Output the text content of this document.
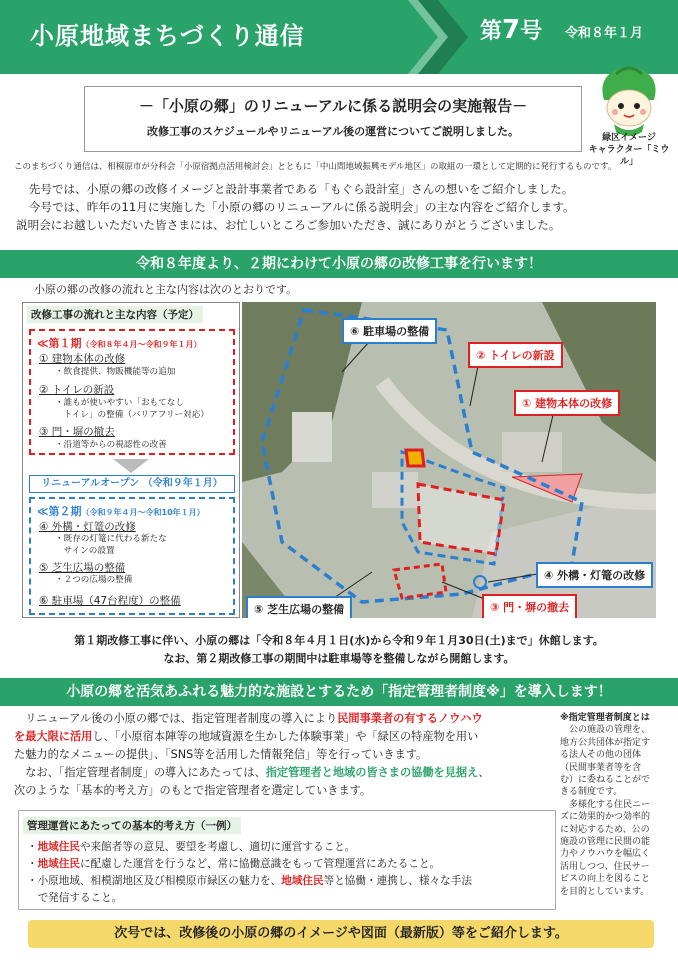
小原地域まちづくり通信	第7号 令和８年１月
－「小原の郷」のリニューアルに係る説明会の実施報告－
改修工事のスケジュールやリニューアル後の運営についてご説明しました。	緑区イメージ
キャラクター「ミウル」
このまちづくり通信は、相模原市が分科会「小原宿拠点活用検討会」とともに「中山間地域振興モデル地区」の取組の一環として定期的に発行するものです。

先号では、小原の郷の改修イメージと設計事業者である「もぐら設計室」さんの想いをご紹介しました。

今号では、昨年の11月に実施した「小原の郷のリニューアルに係る説明会」の主な内容をご紹介します。

説明会にお越しいただいた皆さまには、お忙しいところご参加いただき、誠にありがとうございました。

令和８年度より、２期にわけて小原の郷の改修工事を行います！
小原の郷の改修の流れと主な内容は次のとおりです。
改修工事の流れと主な内容（予定）
≪第１期（令和８年４月～令和９年１月）
① 建物本体の改修
・飲食提供、物販機能等の追加
② トイレの新設
・誰もが使いやすい「おもてなし
　トイレ」の整備（バリアフリー対応）
③ 門・塀の撤去
・沿道等からの視認性の改善
リニューアルオープン （令和９年１月）
≪第２期（令和９年４月～令和10年１月）
④ 外構・灯篭の改修
・既存の灯篭に代わる新たな
　サインの設置
⑤ 芝生広場の整備
・２つの広場の整備
⑥ 駐車場（47台程度）の整備
⑥ 駐車場の整備
② トイレの新設
① 建物本体の改修
④ 外構・灯篭の改修
⑤ 芝生広場の整備	③ 門・塀の撤去
第１期改修工事に伴い、小原の郷は「令和８年４月１日(水)から令和９年１月30日(土)まで」休館します。
なお、第２期改修工事の期間中は駐車場等を整備しながら開館します。
小原の郷を活気あふれる魅力的な施設とするため「指定管理者制度※」を導入します！

　リニューアル後の小原の郷では、指定管理者制度の導入により民間事業者の有するノウハウ

を最大限に活用し、「小原宿本陣等の地域資源を生かした体験事業」や「緑区の特産物を用い

た魅力的なメニューの提供」、「SNS等を活用した情報発信」等を行っていきます。

　なお、「指定管理者制度」の導入にあたっては、指定管理者と地域の皆さまの協働を見据え、

次のような「基本的考え方」のもとで指定管理者を選定していきます。

※指定管理者制度とは

　公の施設の管理を、

地方公共団体が指定す

る法人その他の団体

（民間事業者等を含

む）に委ねることがで

きる制度です。

　多様化する住民ニー

ズに効果的かつ効率的

に対応するため、公の

施設の管理に民間の能

力やノウハウを幅広く

活用しつつ、住民サー

ビスの向上を図ること

を目的としています。

管理運営にあたっての基本的考え方（一例）
・地域住民や来館者等の意見、要望を考慮し、適切に運営すること。
・地域住民に配慮した運営を行うなど、常に協働意識をもって管理運営にあたること。
・小原地域、相模湖地区及び相模原市緑区の魅力を、地域住民等と協働・連携し、様々な手法
　で発信すること。
次号では、改修後の小原の郷のイメージや図面（最新版）等をご紹介します。
